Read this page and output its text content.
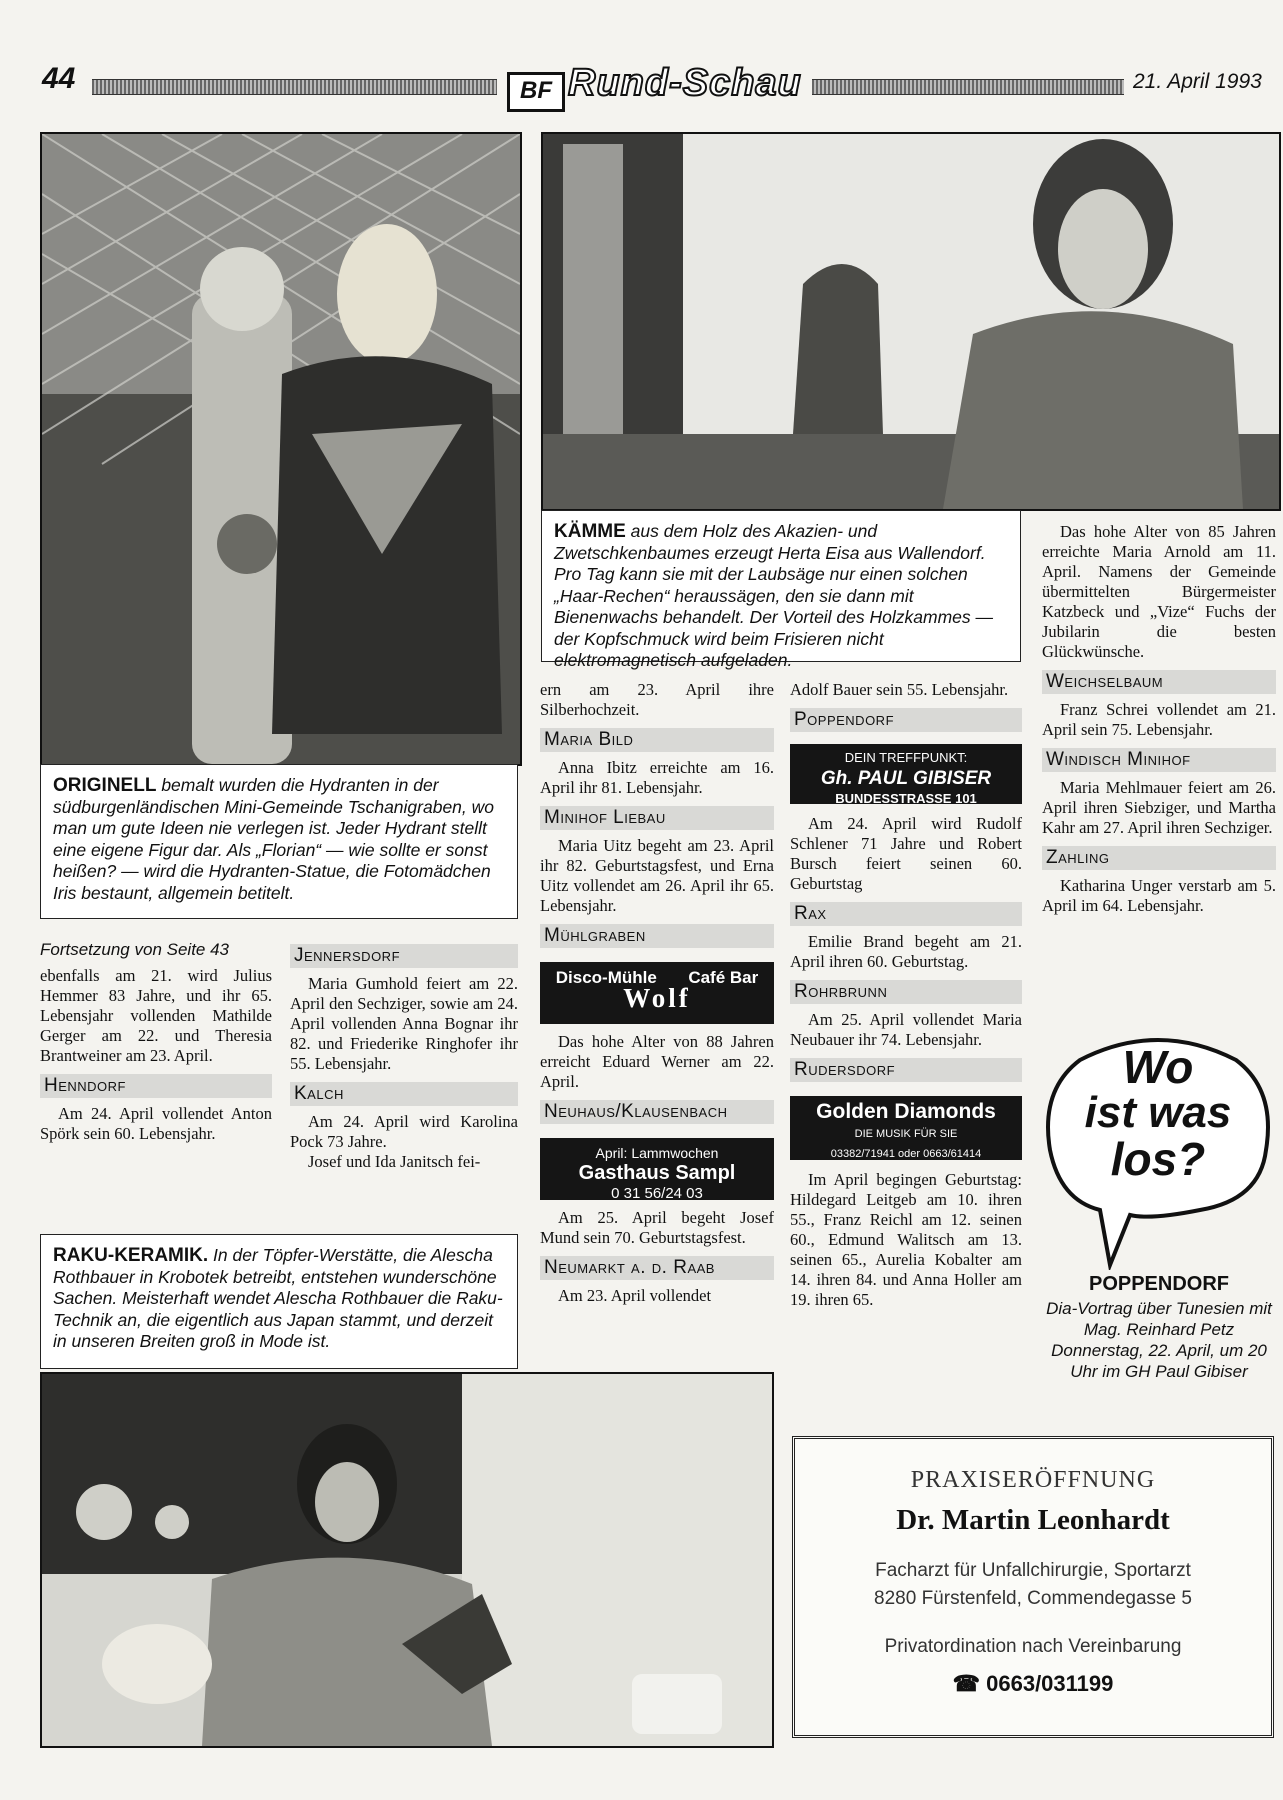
44	BF Rund-Schau	21. April 1993
ORIGINELL bemalt wurden die Hydranten in der südburgenländischen Mini-Gemeinde Tschanigraben, wo man um gute Ideen nie verlegen ist. Jeder Hydrant stellt eine eigene Figur dar. Als „Florian“ — wie sollte er sonst heißen? — wird die Hydranten-Statue, die Fotomädchen Iris bestaunt, allgemein betitelt.
KÄMME aus dem Holz des Akazien- und Zwetschkenbaumes erzeugt Herta Eisa aus Wallendorf. Pro Tag kann sie mit der Laubsäge nur einen solchen „Haar-Rechen“ heraussägen, den sie dann mit Bienenwachs behandelt. Der Vorteil des Holzkammes — der Kopfschmuck wird beim Frisieren nicht elektromagnetisch aufgeladen.

Fortsetzung von Seite 43

ebenfalls am 21. wird Julius Hemmer 83 Jahre, und ihr 65. Lebensjahr vollenden Mathilde Gerger am 22. und Theresia Brantweiner am 23. April.

Henndorf

Am 24. April vollendet Anton Spörk sein 60. Lebensjahr.

Jennersdorf

Maria Gumhold feiert am 22. April den Sechziger, sowie am 24. April vollenden Anna Bognar ihr 82. und Friederike Ringhofer ihr 55. Lebensjahr.

Kalch

Am 24. April wird Karolina Pock 73 Jahre.

Josef und Ida Janitsch fei-

RAKU-KERAMIK. In der Töpfer-Werstätte, die Alescha Rothbauer in Krobotek betreibt, entstehen wunderschöne Sachen. Meisterhaft wendet Alescha Rothbauer die Raku-Technik an, die eigentlich aus Japan stammt, und derzeit in unseren Breiten groß in Mode ist.

ern am 23. April ihre Silberhochzeit.

Maria Bild

Anna Ibitz erreichte am 16. April ihr 81. Lebensjahr.

Minihof Liebau

Maria Uitz begeht am 23. April ihr 82. Geburtstagsfest, und Erna Uitz vollendet am 26. April ihr 65. Lebensjahr.

Mühlgraben
Disco-Mühle Café Bar
Wolf

Das hohe Alter von 88 Jahren erreicht Eduard Werner am 22. April.

Neuhaus/Klausenbach
April: Lammwochen
Gasthaus Sampl
0 31 56/24 03

Am 25. April begeht Josef Mund sein 70. Geburtstagsfest.

Neumarkt a. d. Raab

Am 23. April vollendet

Adolf Bauer sein 55. Lebensjahr.

Poppendorf
DEIN TREFFPUNKT:
Gh. PAUL GIBISER
BUNDESSTRASSE 101

Am 24. April wird Rudolf Schlener 71 Jahre und Robert Bursch feiert seinen 60. Geburtstag

Rax

Emilie Brand begeht am 21. April ihren 60. Geburtstag.

Rohrbrunn

Am 25. April vollendet Maria Neubauer ihr 74. Lebensjahr.

Rudersdorf
Golden Diamonds
DIE MUSIK FÜR SIE
03382/71941 oder 0663/61414

Im April begingen Geburtstag: Hildegard Leitgeb am 10. ihren 55., Franz Reichl am 12. seinen 60., Edmund Walitsch am 13. seinen 65., Aurelia Kobalter am 14. ihren 84. und Anna Holler am 19. ihren 65.

Das hohe Alter von 85 Jahren erreichte Maria Arnold am 11. April. Namens der Gemeinde übermittelten Bürgermeister Katzbeck und „Vize“ Fuchs der Jubilarin die besten Glückwünsche.

Weichselbaum

Franz Schrei vollendet am 21. April sein 75. Lebensjahr.

Windisch Minihof

Maria Mehlmauer feiert am 26. April ihren Siebziger, und Martha Kahr am 27. April ihren Sechziger.

Zahling

Katharina Unger verstarb am 5. April im 64. Lebensjahr.

Wo
ist was
los?
POPPENDORF
Dia-Vortrag über Tunesien mit Mag. Reinhard Petz Donnerstag, 22. April, um 20 Uhr im GH Paul Gibiser
PRAXISERÖFFNUNG
Dr. Martin Leonhardt
Facharzt für Unfallchirurgie, Sportarzt
8280 Fürstenfeld, Commendegasse 5
Privatordination nach Vereinbarung
☎ 0663/031199
